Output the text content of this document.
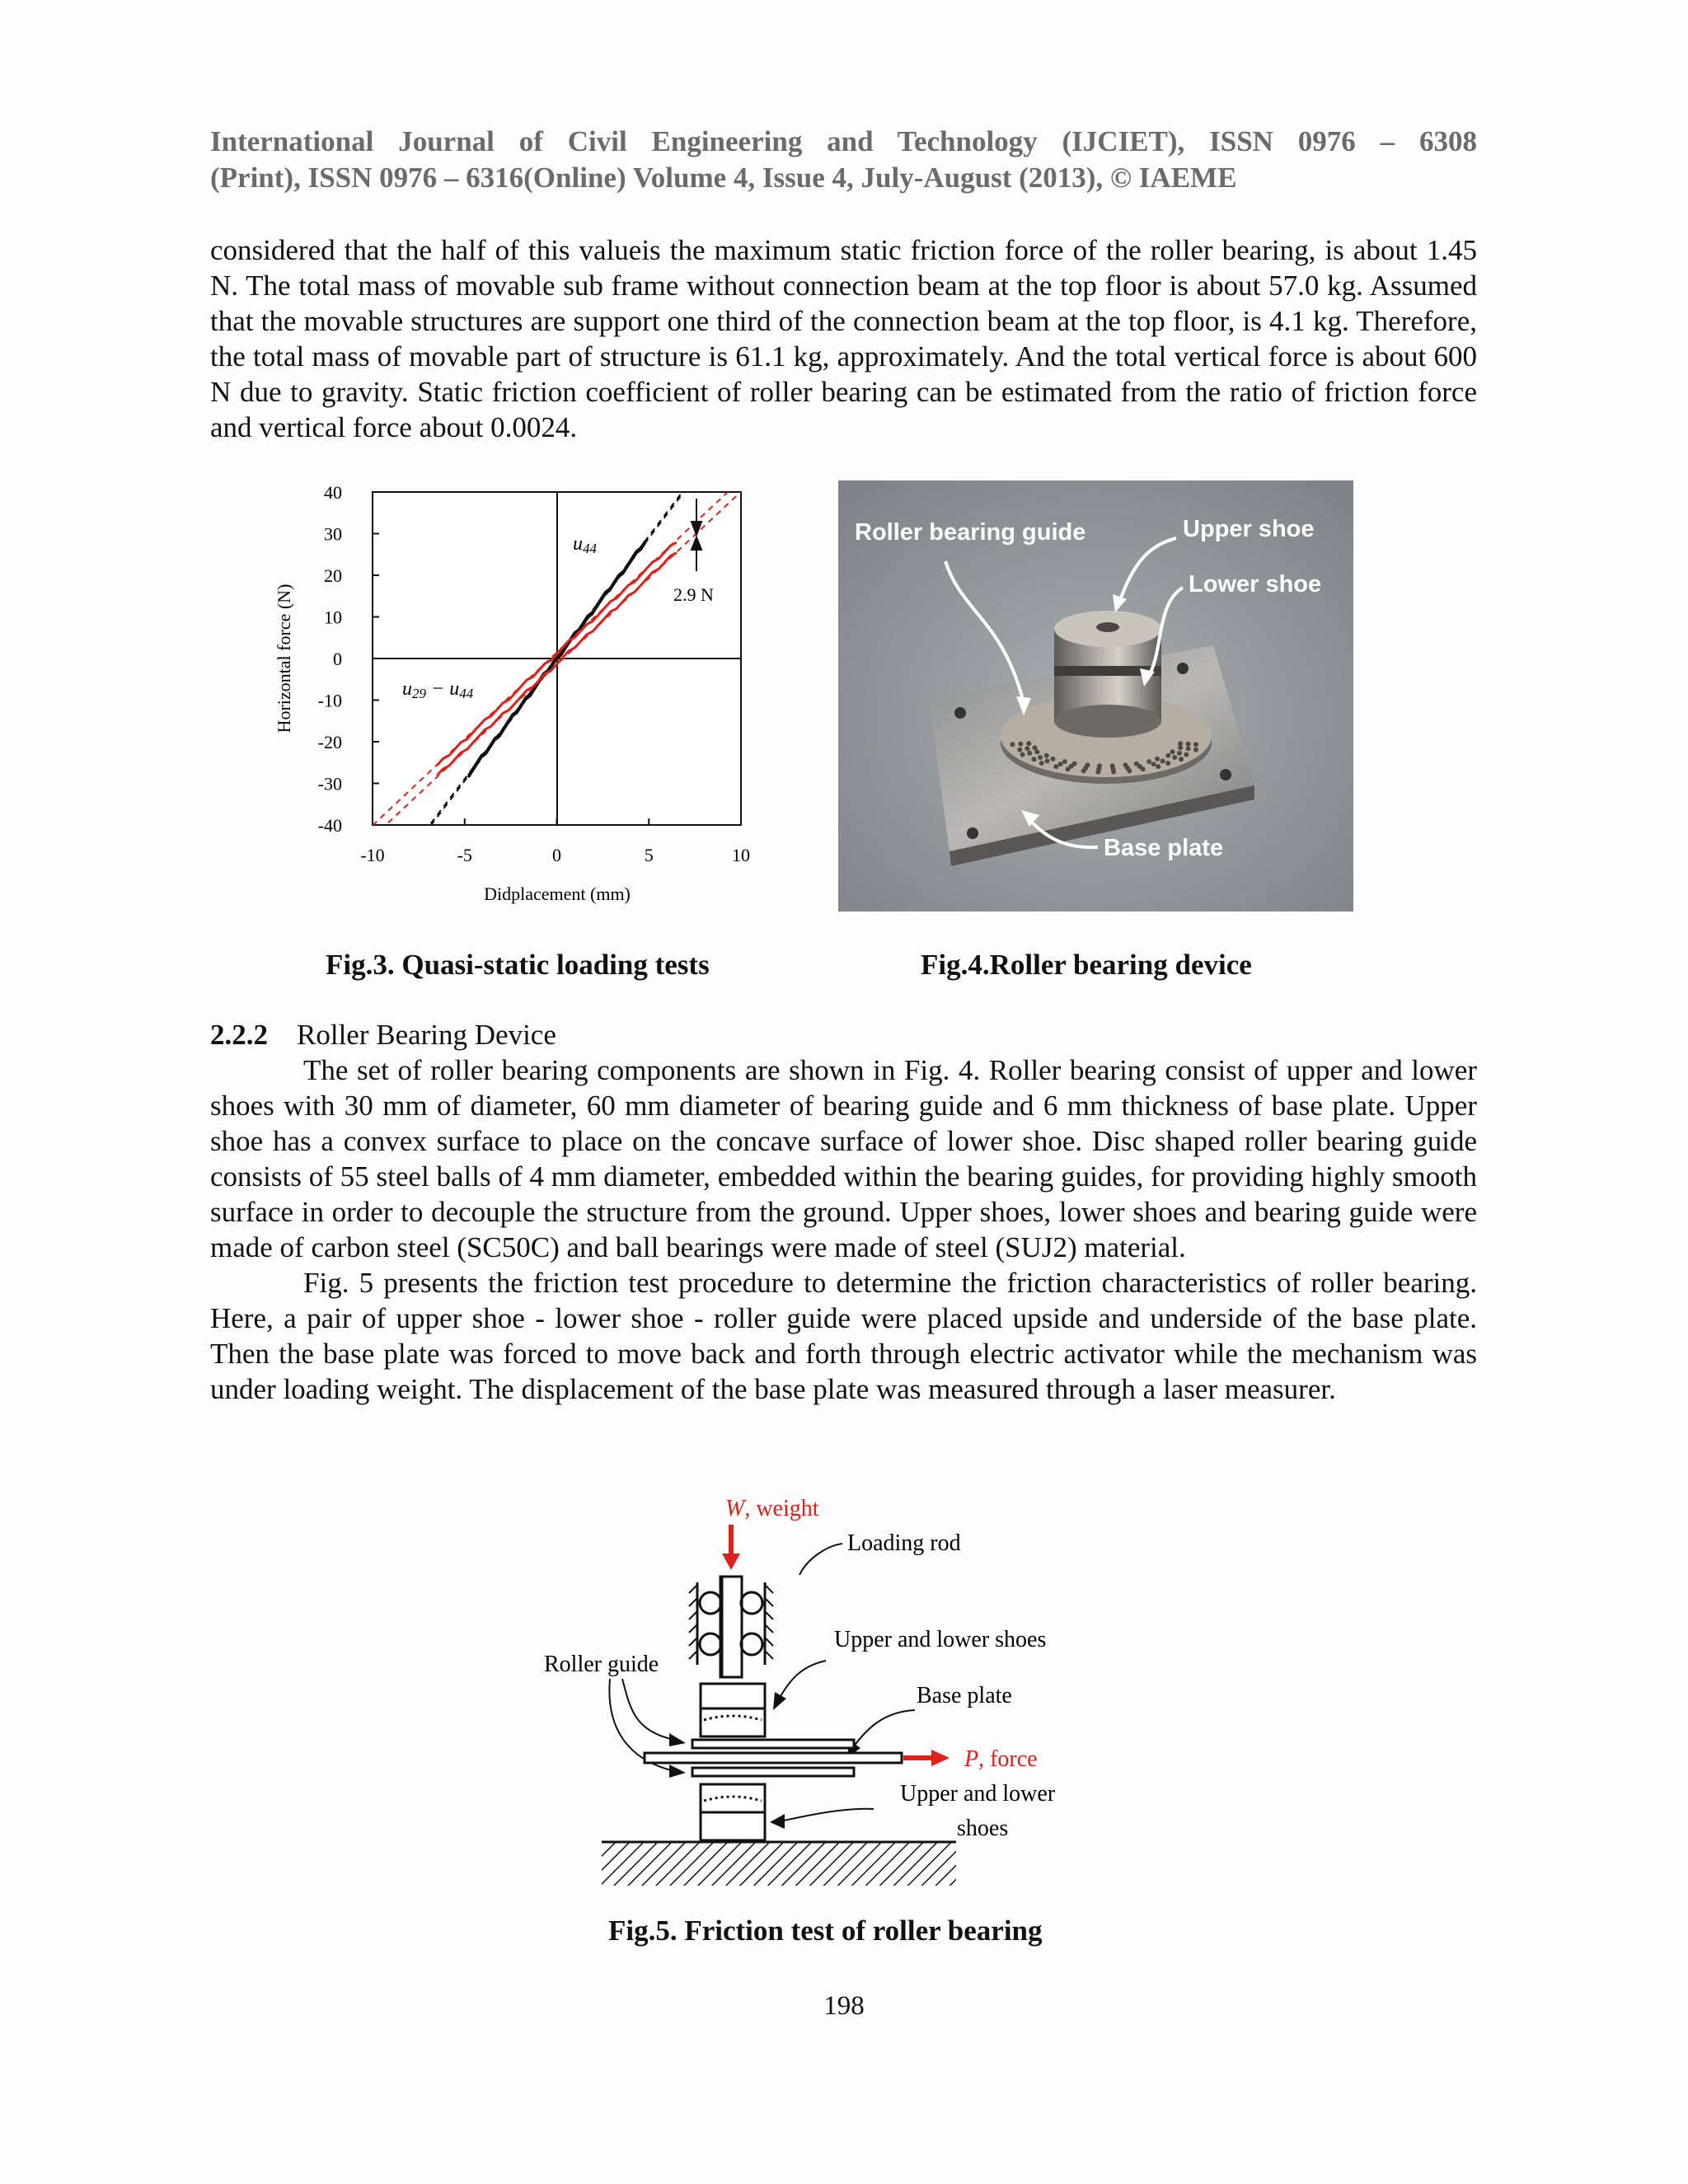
International Journal of Civil Engineering and Technology (IJCIET), ISSN 0976 – 6308
(Print), ISSN 0976 – 6316(Online) Volume 4, Issue 4, July-August (2013), © IAEME
considered that the half of this valueis the maximum static friction force of the roller bearing, is about 1.45 N. The total mass of movable sub frame without connection beam at the top floor is about 57.0 kg. Assumed that the movable structures are support one third of the connection beam at the top floor, is 4.1 kg. Therefore, the total mass of movable part of structure is 61.1 kg, approximately. And the total vertical force is about 600 N due to gravity. Static friction coefficient of roller bearing can be estimated from the ratio of friction force and vertical force about 0.0024.
40
30
20
10
0
-10
-20
-30
-40
-10	-5	0	5	10
Horizontal force (N)
Didplacement (mm)
u44
u29 − u44
2.9 N
Roller bearing guide	Upper shoe
Lower shoe
Base plate
Fig.3. Quasi-static loading tests	Fig.4.Roller bearing device
2.2.2 Roller Bearing Device
The set of roller bearing components are shown in Fig. 4. Roller bearing consist of upper and lower shoes with 30 mm of diameter, 60 mm diameter of bearing guide and 6 mm thickness of base plate. Upper shoe has a convex surface to place on the concave surface of lower shoe. Disc shaped roller bearing guide consists of 55 steel balls of 4 mm diameter, embedded within the bearing guides, for providing highly smooth surface in order to decouple the structure from the ground. Upper shoes, lower shoes and bearing guide were made of carbon steel (SC50C) and ball bearings were made of steel (SUJ2) material.
Fig. 5 presents the friction test procedure to determine the friction characteristics of roller bearing. Here, a pair of upper shoe - lower shoe - roller guide were placed upside and underside of the base plate. Then the base plate was forced to move back and forth through electric activator while the mechanism was under loading weight. The displacement of the base plate was measured through a laser measurer.
W, weight
Loading rod
Upper and lower shoes
Roller guide
Base plate
P, force
Upper and lower
shoes
Fig.5. Friction test of roller bearing
198
